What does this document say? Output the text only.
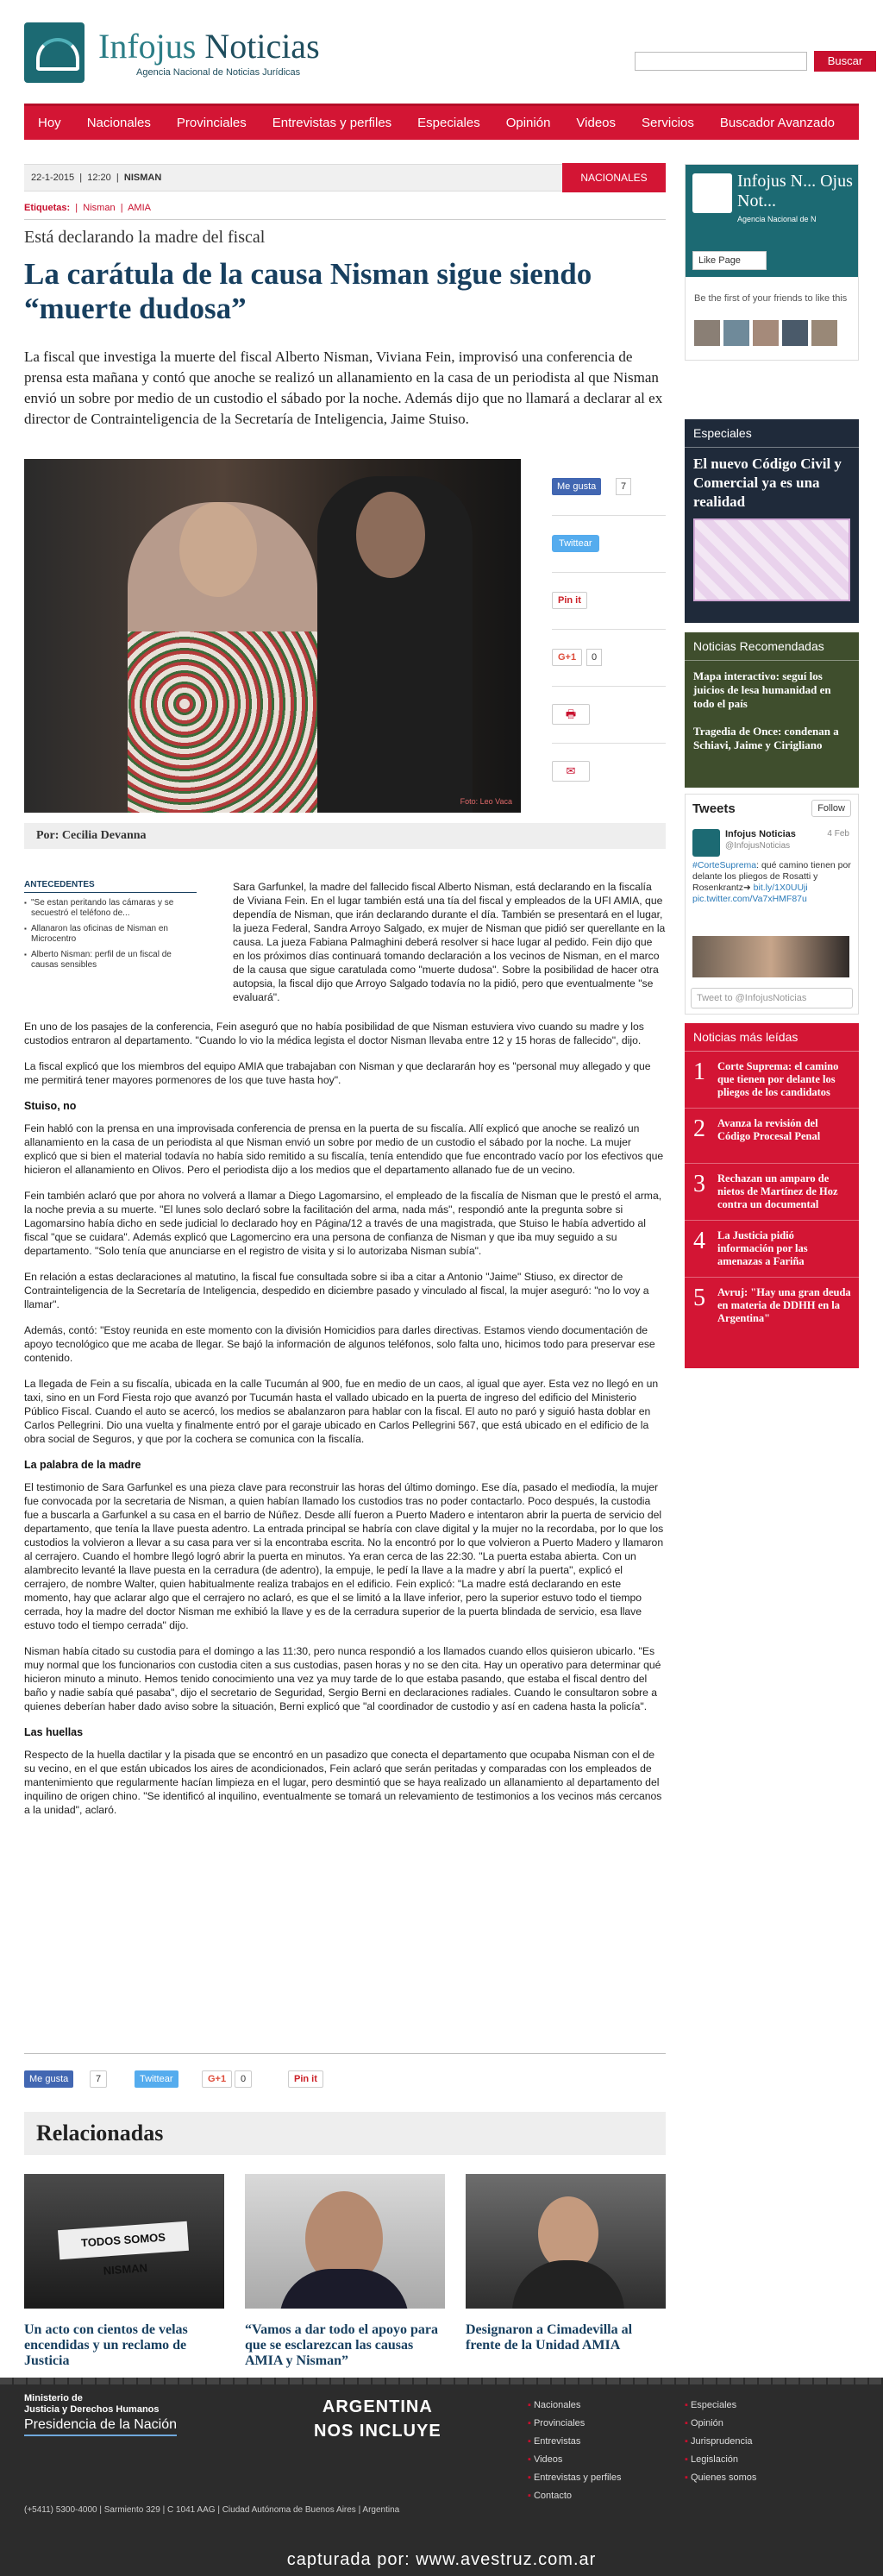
Infojus Noticias
Agencia Nacional de Noticias Jurídicas
Buscar
Hoy Nacionales Provinciales Entrevistas y perfiles Especiales Opinión Videos Servicios Buscador Avanzado
22-1-2015  |  12:20  |  NISMAN	NACIONALES
Etiquetas:  |  Nisman  |  AMIA
Está declarando la madre del fiscal
La carátula de la causa Nisman sigue siendo “muerte dudosa”
La fiscal que investiga la muerte del fiscal Alberto Nisman, Viviana Fein, improvisó una conferencia de prensa esta mañana y contó que anoche se realizó un allanamiento en la casa de un periodista al que Nisman envió un sobre por medio de un custodio el sábado por la noche. Además dijo que no llamará a declarar al ex director de Contrainteligencia de la Secretaría de Inteligencia, Jaime Stuiso.
Foto: Leo Vaca
Me gusta	7
Twittear
Pin it
G+1	0
🖶
✉
Por: Cecilia Devanna
ANTECEDENTES
▪ "Se estan peritando las cámaras y se secuestró el teléfono de...
▪ Allanaron las oficinas de Nisman en Microcentro
▪ Alberto Nisman: perfil de un fiscal de causas sensibles
Sara Garfunkel, la madre del fallecido fiscal Alberto Nisman, está declarando en la fiscalía de Viviana Fein. En el lugar también está una tía del fiscal y empleados de la UFI AMIA, que dependía de Nisman, que irán declarando durante el día. También se presentará en el lugar, la jueza Federal, Sandra Arroyo Salgado, ex mujer de Nisman que pidió ser querellante en la causa. La jueza Fabiana Palmaghini deberá resolver si hace lugar al pedido. Fein dijo que en los próximos días continuará tomando declaración a los vecinos de Nisman, en el marco de la causa que sigue caratulada como "muerte dudosa". Sobre la posibilidad de hacer otra autopsia, la fiscal dijo que Arroyo Salgado todavía no la pidió, pero que eventualmente "se evaluará".

En uno de los pasajes de la conferencia, Fein aseguró que no había posibilidad de que Nisman estuviera vivo cuando su madre y los custodios entraron al departamento. "Cuando lo vio la médica legista el doctor Nisman llevaba entre 12 y 15 horas de fallecido", dijo.

La fiscal explicó que los miembros del equipo AMIA que trabajaban con Nisman y que declararán hoy es "personal muy allegado y que me permitirá tener mayores pormenores de los que tuve hasta hoy".

Stuiso, no

Fein habló con la prensa en una improvisada conferencia de prensa en la puerta de su fiscalía. Allí explicó que anoche se realizó un allanamiento en la casa de un periodista al que Nisman envió un sobre por medio de un custodio el sábado por la noche. La mujer explicó que si bien el material todavía no había sido remitido a su fiscalía, tenía entendido que fue encontrado vacío por los efectivos que hicieron el allanamiento en Olivos. Pero el periodista dijo a los medios que el departamento allanado fue de un vecino.

Fein también aclaró que por ahora no volverá a llamar a Diego Lagomarsino, el empleado de la fiscalía de Nisman que le prestó el arma, la noche previa a su muerte. "El lunes solo declaró sobre la facilitación del arma, nada más", respondió ante la pregunta sobre si Lagomarsino había dicho en sede judicial lo declarado hoy en Página/12 a través de una magistrada, que Stuiso le había advertido al fiscal "que se cuidara". Además explicó que Lagomercino era una persona de confianza de Nisman y que iba muy seguido a su departamento. "Solo tenía que anunciarse en el registro de visita y si lo autorizaba Nisman subía".

En relación a estas declaraciones al matutino, la fiscal fue consultada sobre si iba a citar a Antonio "Jaime" Stiuso, ex director de Contrainteligencia de la Secretaría de Inteligencia, despedido en diciembre pasado y vinculado al fiscal, la mujer aseguró: "no lo voy a llamar".

Además, contó: "Estoy reunida en este momento con la división Homicidios para darles directivas. Estamos viendo documentación de apoyo tecnológico que me acaba de llegar. Se bajó la información de algunos teléfonos, solo falta uno, hicimos todo para preservar ese contenido.

La llegada de Fein a su fiscalía, ubicada en la calle Tucumán al 900, fue en medio de un caos, al igual que ayer. Esta vez no llegó en un taxi, sino en un Ford Fiesta rojo que avanzó por Tucumán hasta el vallado ubicado en la puerta de ingreso del edificio del Ministerio Público Fiscal. Cuando el auto se acercó, los medios se abalanzaron para hablar con la fiscal. El auto no paró y siguió hasta doblar en Carlos Pellegrini. Dio una vuelta y finalmente entró por el garaje ubicado en Carlos Pellegrini 567, que está ubicado en el edificio de la obra social de Seguros, y que por la cochera se comunica con la fiscalía.

La palabra de la madre

El testimonio de Sara Garfunkel es una pieza clave para reconstruir las horas del último domingo. Ese día, pasado el mediodía, la mujer fue convocada por la secretaria de Nisman, a quien habían llamado los custodios tras no poder contactarlo. Poco después, la custodia fue a buscarla a Garfunkel a su casa en el barrio de Núñez. Desde allí fueron a Puerto Madero e intentaron abrir la puerta de servicio del departamento, que tenía la llave puesta adentro. La entrada principal se habría con clave digital y la mujer no la recordaba, por lo que los custodios la volvieron a llevar a su casa para ver si la encontraba escrita. No la encontró por lo que volvieron a Puerto Madero y llamaron al cerrajero. Cuando el hombre llegó logró abrir la puerta en minutos. Ya eran cerca de las 22:30. "La puerta estaba abierta. Con un alambrecito levanté la llave puesta en la cerradura (de adentro), la empuje, le pedí la llave a la madre y abrí la puerta", explicó el cerrajero, de nombre Walter, quien habitualmente realiza trabajos en el edificio. Fein explicó: "La madre está declarando en este momento, hay que aclarar algo que el cerrajero no aclaró, es que el se limitó a la llave inferior, pero la superior estuvo todo el tiempo cerrada, hoy la madre del doctor Nisman me exhibió la llave y es de la cerradura superior de la puerta blindada de servicio, esa llave estuvo todo el tiempo cerrada" dijo.

Nisman había citado su custodia para el domingo a las 11:30, pero nunca respondió a los llamados cuando ellos quisieron ubicarlo. "Es muy normal que los funcionarios con custodia citen a sus custodias, pasen horas y no se den cita. Hay un operativo para determinar qué hicieron minuto a minuto. Hemos tenido conocimiento una vez ya muy tarde de lo que estaba pasando, que estaba el fiscal dentro del baño y nadie sabía qué pasaba", dijo el secretario de Seguridad, Sergio Berni en declaraciones radiales. Cuando le consultaron sobre a quienes deberían haber dado aviso sobre la situación, Berni explicó que "al coordinador de custodio y así en cadena hasta la policía".

Las huellas

Respecto de la huella dactilar y la pisada que se encontró en un pasadizo que conecta el departamento que ocupaba Nisman con el de su vecino, en el que están ubicados los aires de acondicionados, Fein aclaró que serán peritadas y comparadas con los empleados de mantenimiento que regularmente hacían limpieza en el lugar, pero desmintió que se haya realizado un allanamiento al departamento del inquilino de origen chino. "Se identificó al inquilino, eventualmente se tomará un relevamiento de testimonios a los vecinos más cercanos a la unidad", aclaró.

Me gusta	7	Twittear	G+1	0	Pin it
Relacionadas
TODOS SOMOS NISMAN
Un acto con cientos de velas encendidas y un reclamo de Justicia
“Vamos a dar todo el apoyo para que se esclarezcan las causas AMIA y Nisman”
Designaron a Cimadevilla al frente de la Unidad AMIA
Infojus N... Ojus Not...
Agencia Nacional de N
Like Page
Be the first of your friends to like this
Especiales
El nuevo Código Civil y Comercial ya es una realidad
Noticias Recomendadas
Mapa interactivo: seguí los juicios de lesa humanidad en todo el país
Tragedia de Once: condenan a Schiavi, Jaime y Cirigliano
Tweets	Follow
Infojus Noticias
@InfojusNoticias
4 Feb
#CorteSuprema: qué camino tienen por delante los pliegos de Rosatti y Rosenkrantz➜ bit.ly/1X0UUji pic.twitter.com/Va7xHMF87u
Tweet to @InfojusNoticias
Noticias más leídas
1 Corte Suprema: el camino que tienen por delante los pliegos de los candidatos
2 Avanza la revisión del Código Procesal Penal
3 Rechazan un amparo de nietos de Martínez de Hoz contra un documental
4 La Justicia pidió información por las amenazas a Fariña
5 Avruj: "Hay una gran deuda en materia de DDHH en la Argentina"
Ministerio de
Justicia y Derechos Humanos
Presidencia de la Nación
ARGENTINA
NOS INCLUYE
(+5411) 5300-4000 | Sarmiento 329 | C 1041 AAG | Ciudad Autónoma de Buenos Aires | Argentina
▪ Nacionales
▪ Provinciales
▪ Entrevistas
▪ Videos
▪ Entrevistas y perfiles
▪ Contacto
▪ Especiales
▪ Opinión
▪ Jurisprudencia
▪ Legislación
▪ Quienes somos
capturada por: www.avestruz.com.ar
